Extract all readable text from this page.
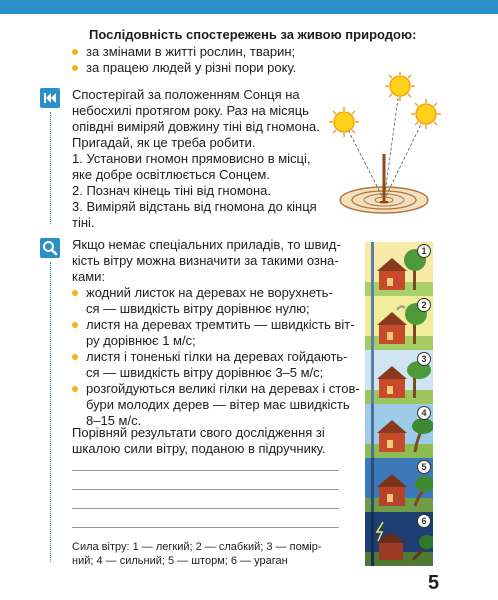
Послідовність спостережень за живою природою:
за змінами в житті рослин, тварин;
за працею людей у різні пори року.
Спостерігай за положенням Сонця на
небосхилі протягом року. Раз на місяць
опівдні виміряй довжину тіні від гномона.
Пригадай, як це треба робити.
1. Установи гномон прямовисно в місці,
яке добре освітлюється Сонцем.
2. Познач кінець тіні від гномона.
3. Виміряй відстань від гномона до кінця
тіні.
Якщо немає спеціальних приладів, то швид-
кість вітру можна визначити за такими озна-
ками:
жодний листок на деревах не ворухнеть-
ся — швидкість вітру дорівнює нулю;
листя на деревах тремтить — швидкість віт-
ру дорівнює 1 м/с;
листя і тоненькі гілки на деревах гойдають-
ся — швидкість вітру дорівнює 3–5 м/с;
розгойдуються великі гілки на деревах і стов-
бури молодих дерев — вітер має швидкість
8–15 м/с.
Порівняй результати свого дослідження зі
шкалою сили вітру, поданою в підручнику.
Сила вітру: 1 — легкий; 2 — слабкий; 3 — помір-
ний; 4 — сильний; 5 — шторм; 6 — ураган
1
2
3
4
5
6
5
